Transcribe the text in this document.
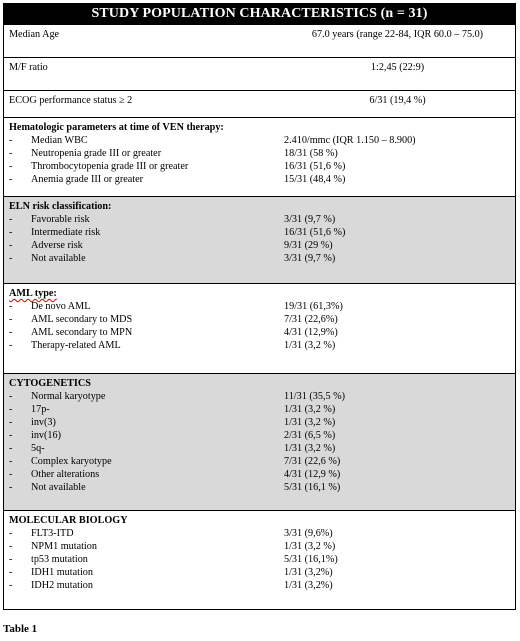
STUDY POPULATION CHARACTERISTICS (n = 31)
Median Age	67.0 years (range 22-84, IQR 60.0 – 75.0)
M/F ratio	1:2,45 (22:9)
ECOG performance status ≥ 2	6/31 (19,4 %)
Hematologic parameters at time of VEN therapy:
-	Median WBC	2.410/mmc (IQR 1.150 – 8.900)
-	Neutropenia grade III or greater	18/31 (58 %)
-	Thrombocytopenia grade III or greater	16/31 (51,6 %)
-	Anemia grade III or greater	15/31 (48,4 %)
ELN risk classification:
-	Favorable risk	3/31 (9,7 %)
-	Intermediate risk	16/31 (51,6 %)
-	Adverse risk	9/31 (29 %)
-	Not available	3/31 (9,7 %)
AML type:
-	De novo AML	19/31 (61,3%)
-	AML secondary to MDS	7/31 (22,6%)
-	AML secondary to MPN	4/31 (12,9%)
-	Therapy-related AML	1/31 (3,2 %)
CYTOGENETICS
-	Normal karyotype	11/31 (35,5 %)
-	17p-	1/31 (3,2 %)
-	inv(3)	1/31 (3,2 %)
-	inv(16)	2/31 (6,5 %)
-	5q-	1/31 (3,2 %)
-	Complex karyotype	7/31 (22,6 %)
-	Other alterations	4/31 (12,9 %)
-	Not available	5/31 (16,1 %)
MOLECULAR BIOLOGY
-	FLT3-ITD	3/31 (9,6%)
-	NPM1 mutation	1/31 (3,2 %)
-	tp53 mutation	5/31 (16,1%)
-	IDH1 mutation	1/31 (3,2%)
-	IDH2 mutation	1/31 (3,2%)
Table 1
